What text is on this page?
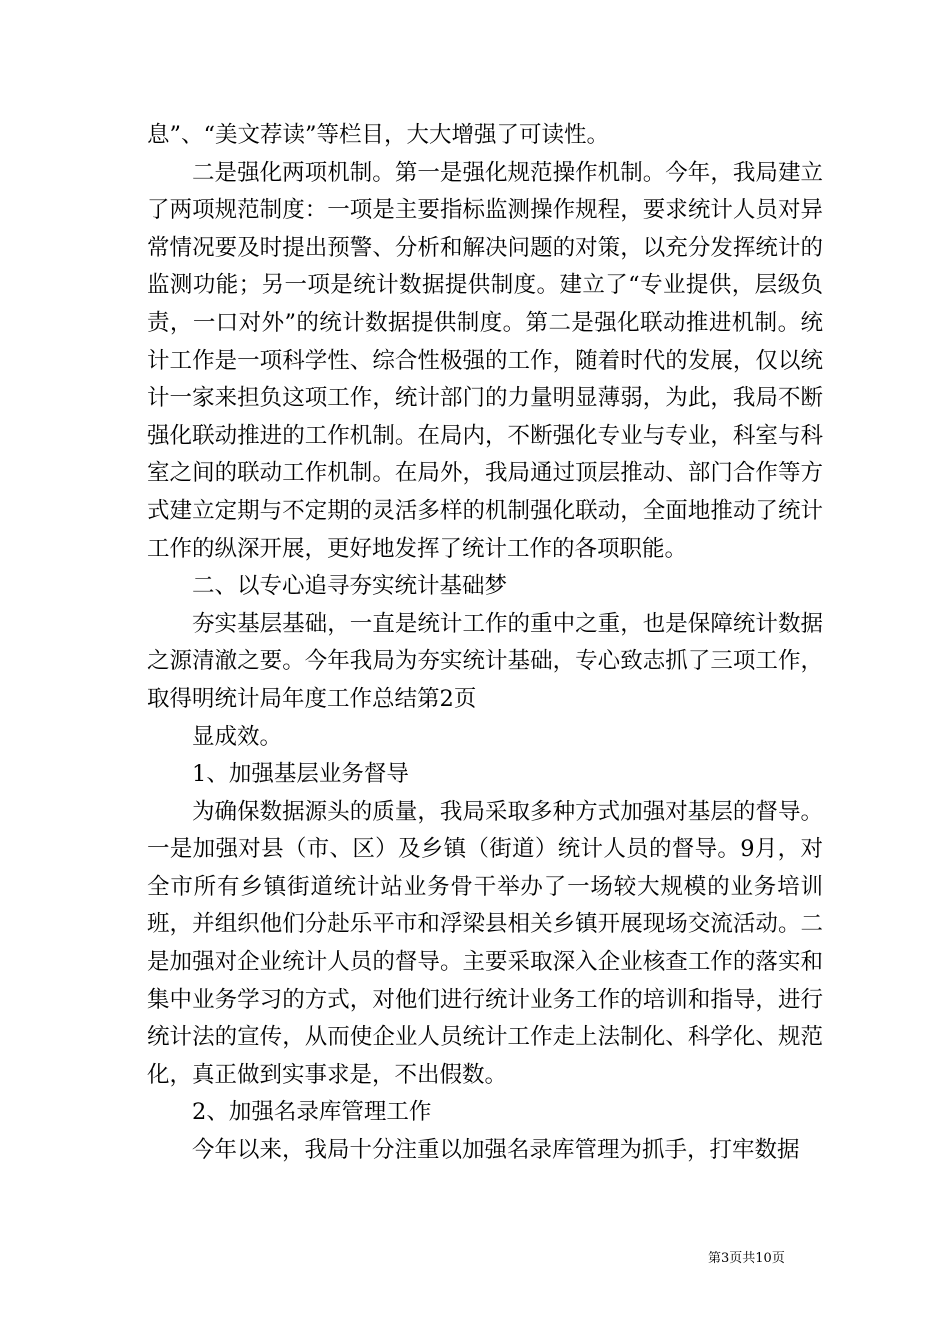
息”、“美文荐读”等栏目，大大增强了可读性。

二是强化两项机制。第一是强化规范操作机制。今年，我局建立了两项规范制度：一项是主要指标监测操作规程，要求统计人员对异常情况要及时提出预警、分析和解决问题的对策，以充分发挥统计的监测功能；另一项是统计数据提供制度。建立了“专业提供，层级负责，一口对外”的统计数据提供制度。第二是强化联动推进机制。统计工作是一项科学性、综合性极强的工作，随着时代的发展，仅以统计一家来担负这项工作，统计部门的力量明显薄弱，为此，我局不断强化联动推进的工作机制。在局内，不断强化专业与专业，科室与科室之间的联动工作机制。在局外，我局通过顶层推动、部门合作等方式建立定期与不定期的灵活多样的机制强化联动，全面地推动了统计工作的纵深开展，更好地发挥了统计工作的各项职能。

二、以专心追寻夯实统计基础梦

夯实基层基础，一直是统计工作的重中之重，也是保障统计数据之源清澈之要。今年我局为夯实统计基础，专心致志抓了三项工作，取得明统计局年度工作总结第2页

显成效。

1、加强基层业务督导

为确保数据源头的质量，我局采取多种方式加强对基层的督导。一是加强对县（市、区）及乡镇（街道）统计人员的督导。9月，对全市所有乡镇街道统计站业务骨干举办了一场较大规模的业务培训班，并组织他们分赴乐平市和浮梁县相关乡镇开展现场交流活动。二是加强对企业统计人员的督导。主要采取深入企业核查工作的落实和集中业务学习的方式，对他们进行统计业务工作的培训和指导，进行统计法的宣传，从而使企业人员统计工作走上法制化、科学化、规范化，真正做到实事求是，不出假数。

2、加强名录库管理工作

今年以来，我局十分注重以加强名录库管理为抓手，打牢数据

第3页共10页
